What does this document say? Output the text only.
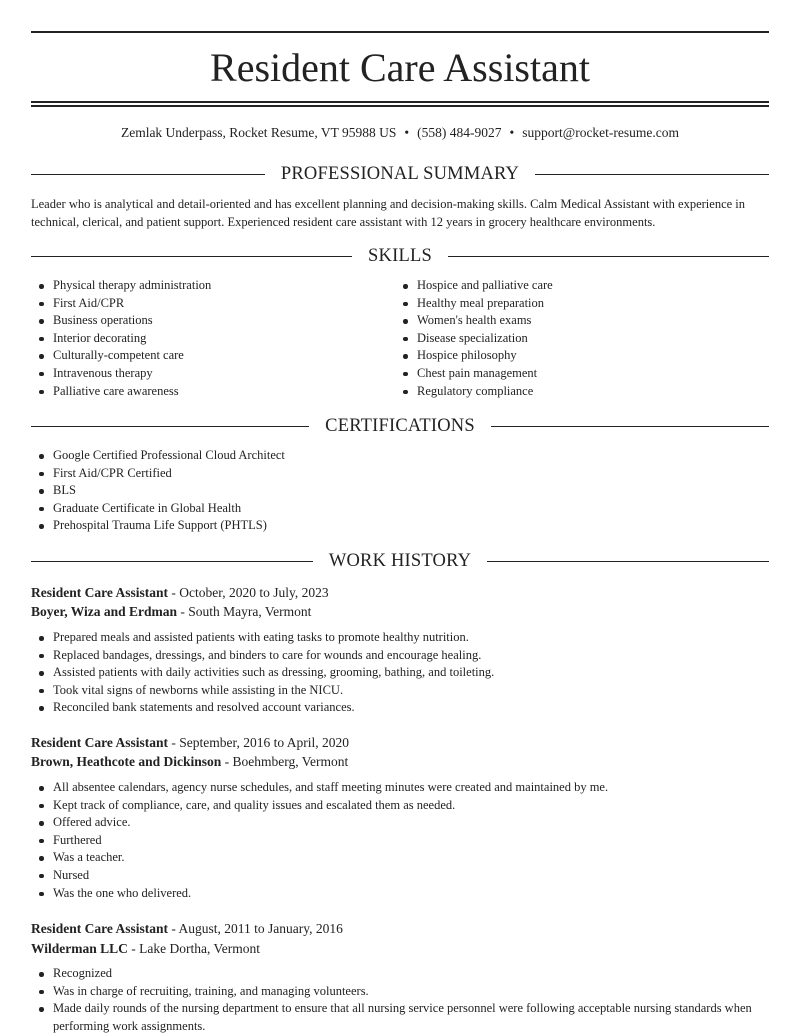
Resident Care Assistant
Zemlak Underpass, Rocket Resume, VT 95988 US • (558) 484-9027 • support@rocket-resume.com
PROFESSIONAL SUMMARY

Leader who is analytical and detail-oriented and has excellent planning and decision-making skills. Calm Medical Assistant with experience in technical, clerical, and patient support. Experienced resident care assistant with 12 years in grocery healthcare environments.

SKILLS
Physical therapy administration
First Aid/CPR
Business operations
Interior decorating
Culturally-competent care
Intravenous therapy
Palliative care awareness
Hospice and palliative care
Healthy meal preparation
Women's health exams
Disease specialization
Hospice philosophy
Chest pain management
Regulatory compliance
CERTIFICATIONS
Google Certified Professional Cloud Architect
First Aid/CPR Certified
BLS
Graduate Certificate in Global Health
Prehospital Trauma Life Support (PHTLS)
WORK HISTORY
Resident Care Assistant - October, 2020 to July, 2023
Boyer, Wiza and Erdman - South Mayra, Vermont
Prepared meals and assisted patients with eating tasks to promote healthy nutrition.
Replaced bandages, dressings, and binders to care for wounds and encourage healing.
Assisted patients with daily activities such as dressing, grooming, bathing, and toileting.
Took vital signs of newborns while assisting in the NICU.
Reconciled bank statements and resolved account variances.
Resident Care Assistant - September, 2016 to April, 2020
Brown, Heathcote and Dickinson - Boehmberg, Vermont
All absentee calendars, agency nurse schedules, and staff meeting minutes were created and maintained by me.
Kept track of compliance, care, and quality issues and escalated them as needed.
Offered advice.
Furthered
Was a teacher.
Nursed
Was the one who delivered.
Resident Care Assistant - August, 2011 to January, 2016
Wilderman LLC - Lake Dortha, Vermont
Recognized
Was in charge of recruiting, training, and managing volunteers.
Made daily rounds of the nursing department to ensure that all nursing service personnel were following acceptable nursing standards when performing work assignments.
